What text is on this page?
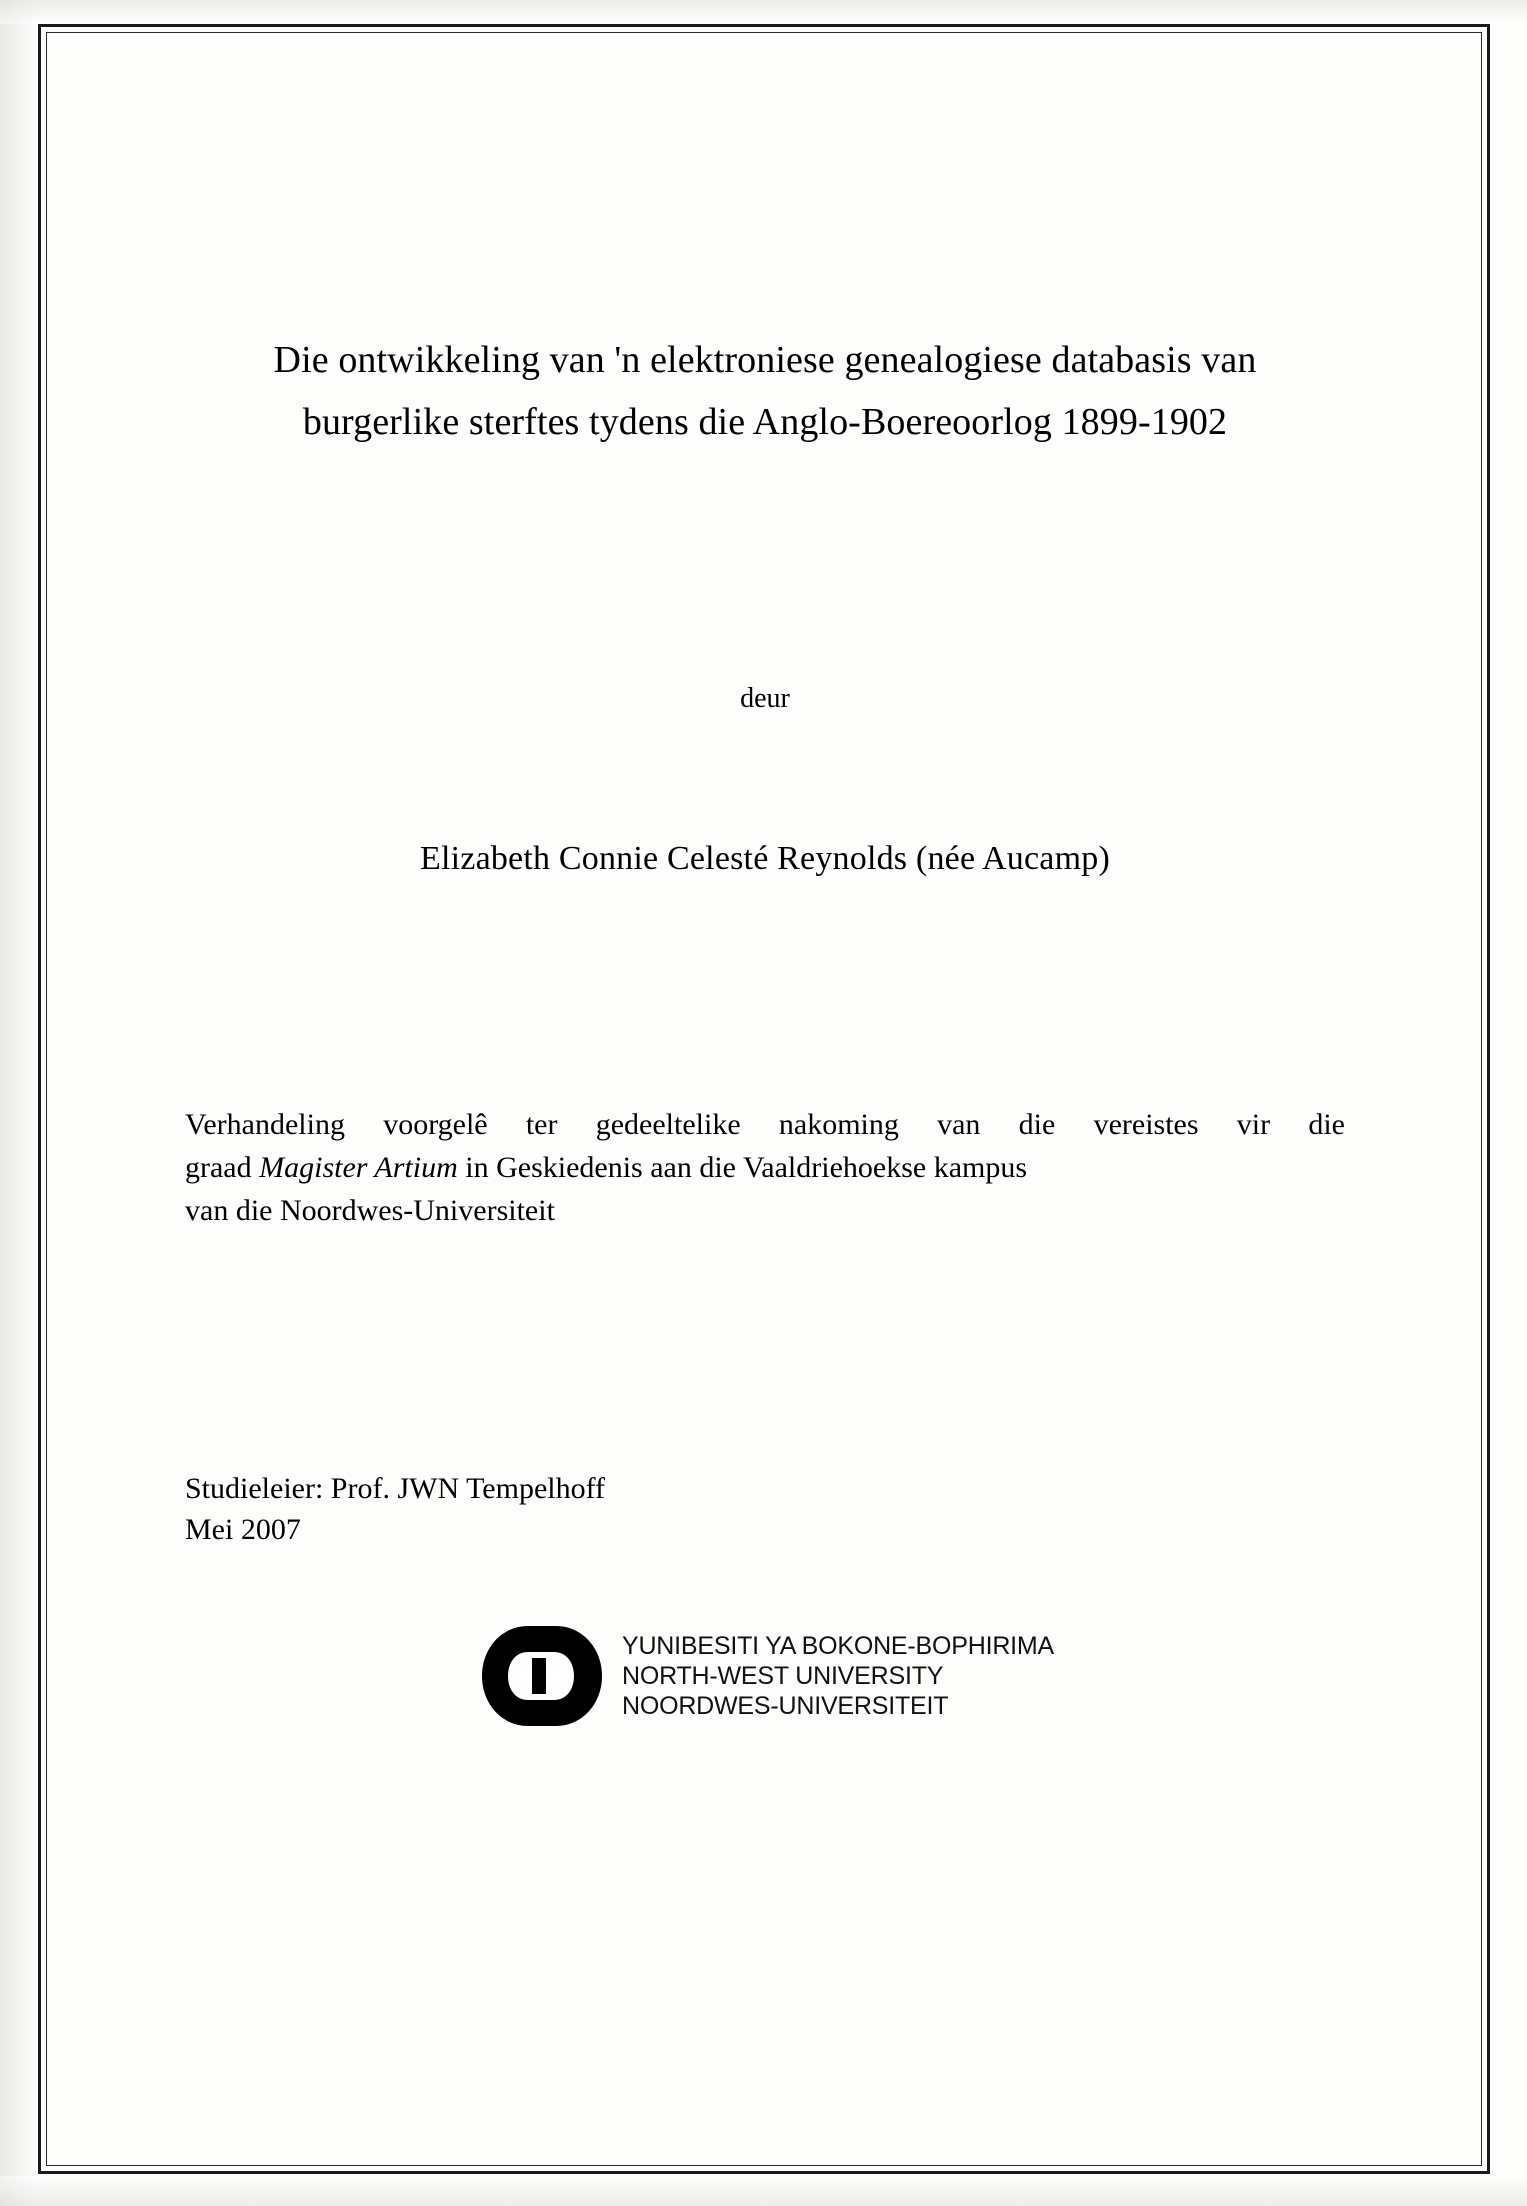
Die ontwikkeling van 'n elektroniese genealogiese databasis van
burgerlike sterftes tydens die Anglo-Boereoorlog 1899-1902
deur
Elizabeth Connie Celesté Reynolds (née Aucamp)
Verhandeling voorgelê ter gedeeltelike nakoming van die vereistes vir die
graad Magister Artium in Geskiedenis aan die Vaaldriehoekse kampus
van die Noordwes-Universiteit
Studieleier: Prof. JWN Tempelhoff
Mei 2007
YUNIBESITI YA BOKONE-BOPHIRIMA
NORTH-WEST UNIVERSITY
NOORDWES-UNIVERSITEIT
